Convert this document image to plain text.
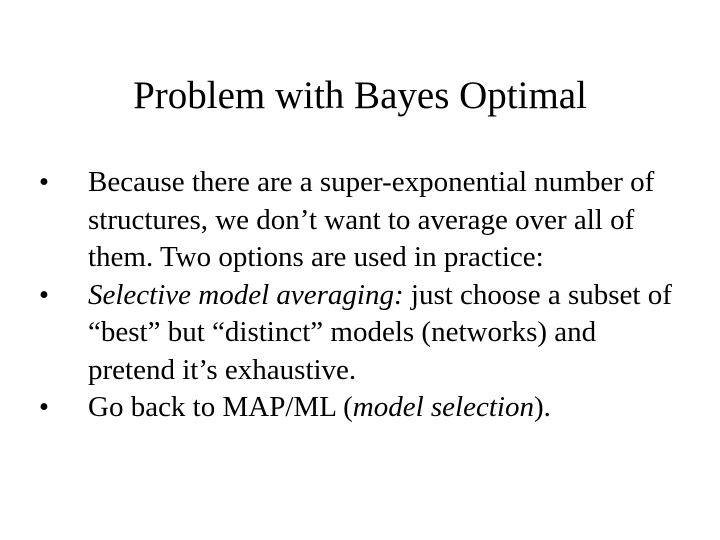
Problem with Bayes Optimal
• Because there are a super-exponential number of structures, we don’t want to average over all of them. Two options are used in practice:
• Selective model averaging: just choose a subset of “best” but “distinct” models (networks) and pretend it’s exhaustive.
• Go back to MAP/ML (model selection).
